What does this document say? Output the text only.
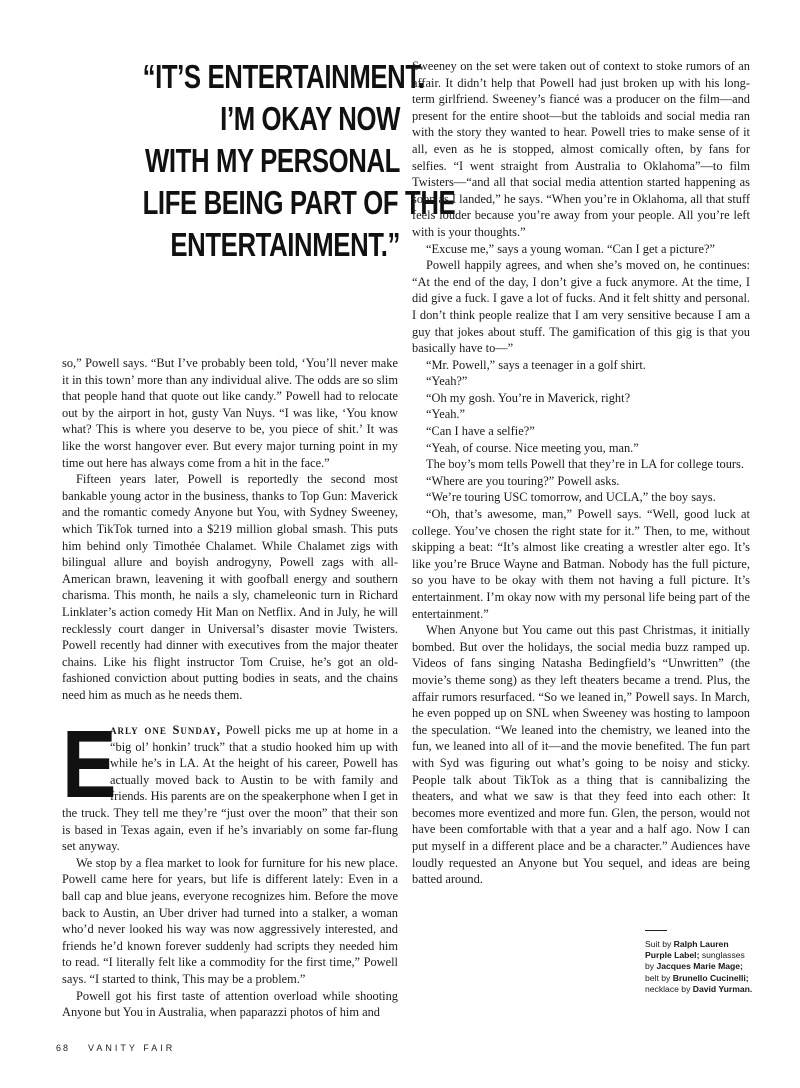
“IT’S ENTERTAINMENT.
I’M OKAY NOW
WITH MY PERSONAL
LIFE BEING PART OF THE
ENTERTAINMENT.”

so,” Powell says. “But I’ve probably been told, ‘You’ll never make it in this town’ more than any individual alive. The odds are so slim that people hand that quote out like candy.” Powell had to relocate out by the airport in hot, gusty Van Nuys. “I was like, ‘You know what? This is where you deserve to be, you piece of shit.’ It was like the worst hangover ever. But every major turning point in my time out here has always come from a hit in the face.”

Fifteen years later, Powell is reportedly the second most bankable young actor in the business, thanks to Top Gun: Maverick and the romantic comedy Anyone but You, with Sydney Sweeney, which TikTok turned into a $219 million global smash. This puts him behind only Timothée Chalamet. While Chalamet zigs with bilingual allure and boyish androgyny, Powell zags with all-American brawn, leavening it with goofball energy and southern charisma. This month, he nails a sly, chameleonic turn in Richard Linklater’s action comedy Hit Man on Netflix. And in July, he will recklessly court danger in Universal’s disaster movie Twisters. Powell recently had dinner with executives from the major theater chains. Like his flight instructor Tom Cruise, he’s got an old-fashioned conviction about putting bodies in seats, and the chains need him as much as he needs them.

E
arly one Sunday, Powell picks me up at home in a “big ol’ honkin’ truck” that a studio hooked him up with while he’s in LA. At the height of his career, Powell has actually moved back to Austin to be with family and friends. His parents are on the speakerphone when I get in the truck. They tell me they’re “just over the moon” that their son is based in Texas again, even if he’s invariably on some far-flung set anyway.

We stop by a flea market to look for furniture for his new place. Powell came here for years, but life is different lately: Even in a ball cap and blue jeans, everyone recognizes him. Before the move back to Austin, an Uber driver had turned into a stalker, a woman who’d never looked his way was now aggressively interested, and friends he’d known forever suddenly had scripts they needed him to read. “I literally felt like a commodity for the first time,” Powell says. “I started to think, This may be a problem.”

Powell got his first taste of attention overload while shooting Anyone but You in Australia, when paparazzi photos of him and

Sweeney on the set were taken out of context to stoke rumors of an affair. It didn’t help that Powell had just broken up with his long-term girlfriend. Sweeney’s fiancé was a producer on the film—and present for the entire shoot—but the tabloids and social media ran with the story they wanted to hear. Powell tries to make sense of it all, even as he is stopped, almost comically often, by fans for selfies. “I went straight from Australia to Oklahoma”—to film Twisters—“and all that social media attention started happening as soon as I landed,” he says. “When you’re in Oklahoma, all that stuff feels louder because you’re away from your people. All you’re left with is your thoughts.”

“Excuse me,” says a young woman. “Can I get a picture?”

Powell happily agrees, and when she’s moved on, he continues: “At the end of the day, I don’t give a fuck anymore. At the time, I did give a fuck. I gave a lot of fucks. And it felt shitty and personal. I don’t think people realize that I am very sensitive because I am a guy that jokes about stuff. The gamification of this gig is that you basically have to—”

“Mr. Powell,” says a teenager in a golf shirt.

“Yeah?”

“Oh my gosh. You’re in Maverick, right?

“Yeah.”

“Can I have a selfie?”

“Yeah, of course. Nice meeting you, man.”

The boy’s mom tells Powell that they’re in LA for college tours.

“Where are you touring?” Powell asks.

“We’re touring USC tomorrow, and UCLA,” the boy says.

“Oh, that’s awesome, man,” Powell says. “Well, good luck at college. You’ve chosen the right state for it.” Then, to me, without skipping a beat: “It’s almost like creating a wrestler alter ego. It’s like you’re Bruce Wayne and Batman. Nobody has the full picture, so you have to be okay with them not having a full picture. It’s entertainment. I’m okay now with my personal life being part of the entertainment.”

When Anyone but You came out this past Christmas, it initially bombed. But over the holidays, the social media buzz ramped up. Videos of fans singing Natasha Bedingfield’s “Unwritten” (the movie’s theme song) as they left theaters became a trend. Plus, the affair rumors resurfaced. “So we leaned in,” Powell says. In March, he even popped up on SNL when Sweeney was hosting to lampoon the speculation. “We leaned into the chemistry, we leaned into the fun, we leaned into all of it—and the movie benefited. The fun part with Syd was figuring out what’s going to be noisy and sticky. People talk about TikTok as a thing that is cannibalizing the theaters, and what we saw is that they feed into each other: It becomes more eventized and more fun. Glen, the person, would not have been comfortable with that a year and a half ago. Now I can put myself in a different place and be a character.” Audiences have loudly requested an Anyone but You sequel, and ideas are being batted around.

Suit by Ralph Lauren Purple Label; sunglasses by Jacques Marie Mage; belt by Brunello Cucinelli; necklace by David Yurman.
68 VANITY FAIR
